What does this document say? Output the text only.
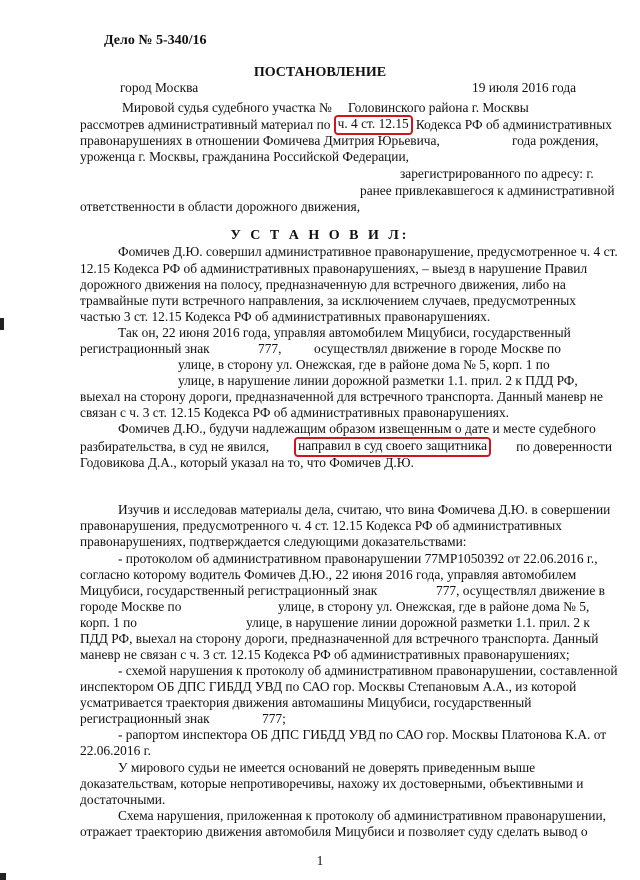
Дело № 5-340/16
ПОСТАНОВЛЕНИЕ
город Москва	19 июля 2016 года
Мировой судья судебного участка № Головинского района г. Москвы
рассмотрев административный материал по ч. 4 ст. 12.15 Кодекса РФ об административных
правонарушениях в отношении Фомичева Дмитрия Юрьевича,	года рождения,
уроженца г. Москвы, гражданина Российской Федерации,
зарегистрированного по адресу: г.
ранее привлекавшегося к административной
ответственности в области дорожного движения,
У С Т А Н О В И Л:
Фомичев Д.Ю. совершил административное правонарушение, предусмотренное ч. 4 ст.
12.15 Кодекса РФ об административных правонарушениях, – выезд в нарушение Правил
дорожного движения на полосу, предназначенную для встречного движения, либо на
трамвайные пути встречного направления, за исключением случаев, предусмотренных
частью 3 ст. 12.15 Кодекса РФ об административных правонарушениях.
Так он, 22 июня 2016 года, управляя автомобилем Мицубиси, государственный
регистрационный знак	777, осуществлял движение в городе Москве по
улице, в сторону ул. Онежская, где в районе дома № 5, корп. 1 по
улице, в нарушение линии дорожной разметки 1.1. прил. 2 к ПДД РФ,
выехал на сторону дороги, предназначенной для встречного транспорта. Данный маневр не
связан с ч. 3 ст. 12.15 Кодекса РФ об административных правонарушениях.
Фомичев Д.Ю., будучи надлежащим образом извещенным о дате и месте судебного
разбирательства, в суд не явился, направил в суд своего защитника по доверенности
Годовикова Д.А., который указал на то, что Фомичев Д.Ю.
Изучив и исследовав материалы дела, считаю, что вина Фомичева Д.Ю. в совершении
правонарушения, предусмотренного ч. 4 ст. 12.15 Кодекса РФ об административных
правонарушениях, подтверждается следующими доказательствами:
- протоколом об административном правонарушении 77МР1050392 от 22.06.2016 г.,
согласно которому водитель Фомичев Д.Ю., 22 июня 2016 года, управляя автомобилем
Мицубиси, государственный регистрационный знак	777, осуществлял движение в
городе Москве по	улице, в сторону ул. Онежская, где в районе дома № 5,
корп. 1 по	улице, в нарушение линии дорожной разметки 1.1. прил. 2 к
ПДД РФ, выехал на сторону дороги, предназначенной для встречного транспорта. Данный
маневр не связан с ч. 3 ст. 12.15 Кодекса РФ об административных правонарушениях;
- схемой нарушения к протоколу об административном правонарушении, составленной
инспектором ОБ ДПС ГИБДД УВД по САО гор. Москвы Степановым А.А., из которой
усматривается траектория движения автомашины Мицубиси, государственный
регистрационный знак	777;
- рапортом инспектора ОБ ДПС ГИБДД УВД по САО гор. Москвы Платонова К.А. от
22.06.2016 г.
У мирового судьи не имеется оснований не доверять приведенным выше
доказательствам, которые непротиворечивы, нахожу их достоверными, объективными и
достаточными.
Схема нарушения, приложенная к протоколу об административном правонарушении,
отражает траекторию движения автомобиля Мицубиси и позволяет суду сделать вывод о
1
